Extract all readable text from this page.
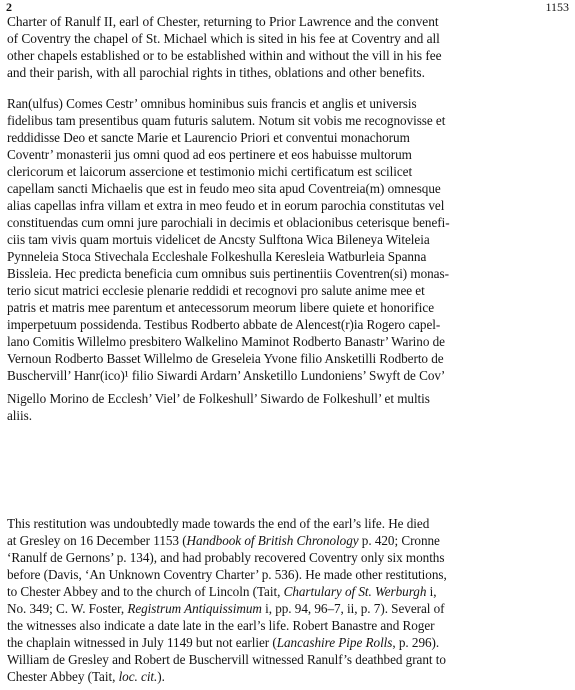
2	1153
Charter of Ranulf II, earl of Chester, returning to Prior Lawrence and the convent
of Coventry the chapel of St. Michael which is sited in his fee at Coventry and all
other chapels established or to be established within and without the vill in his fee
and their parish, with all parochial rights in tithes, oblations and other benefits.
Ran(ulfus) Comes Cestr’ omnibus hominibus suis francis et anglis et universis
fidelibus tam presentibus quam futuris salutem. Notum sit vobis me recognovisse et
reddidisse Deo et sancte Marie et Laurencio Priori et conventui monachorum
Coventr’ monasterii jus omni quod ad eos pertinere et eos habuisse multorum
clericorum et laicorum assercione et testimonio michi certificatum est scilicet
capellam sancti Michaelis que est in feudo meo sita apud Coventreia(m) omnesque
alias capellas infra villam et extra in meo feudo et in eorum parochia constitutas vel
constituendas cum omni jure parochiali in decimis et oblacionibus ceterisque benefi-
ciis tam vivis quam mortuis videlicet de Ancsty Sulftona Wica Bileneya Witeleia
Pynneleia Stoca Stivechala Eccleshale Folkeshulla Keresleia Watburleia Spanna
Bissleia. Hec predicta beneficia cum omnibus suis pertinentiis Coventren(si) monas-
terio sicut matrici ecclesie plenarie reddidi et recognovi pro salute anime mee et
patris et matris mee parentum et antecessorum meorum libere quiete et honorifice
imperpetuum possidenda. Testibus Rodberto abbate de Alencest(r)ia Rogero capel-
lano Comitis Willelmo presbitero Walkelino Maminot Rodberto Banastr’ Warino de
Vernoun Rodberto Basset Willelmo de Greseleia Yvone filio Ansketilli Rodberto de
Buschervill’ Hanr(ico)¹ filio Siwardi Ardarn’ Ansketillo Lundoniens’ Swyft de Cov’
Nigello Morino de Ecclesh’ Viel’ de Folkeshull’ Siwardo de Folkeshull’ et multis
aliis.
This restitution was undoubtedly made towards the end of the earl’s life. He died
at Gresley on 16 December 1153 (Handbook of British Chronology p. 420; Cronne
‘Ranulf de Gernons’ p. 134), and had probably recovered Coventry only six months
before (Davis, ‘An Unknown Coventry Charter’ p. 536). He made other restitutions,
to Chester Abbey and to the church of Lincoln (Tait, Chartulary of St. Werburgh i,
No. 349; C. W. Foster, Registrum Antiquissimum i, pp. 94, 96–7, ii, p. 7). Several of
the witnesses also indicate a date late in the earl’s life. Robert Banastre and Roger
the chaplain witnessed in July 1149 but not earlier (Lancashire Pipe Rolls, p. 296).
William de Gresley and Robert de Buschervill witnessed Ranulf’s deathbed grant to
Chester Abbey (Tait, loc. cit.).
